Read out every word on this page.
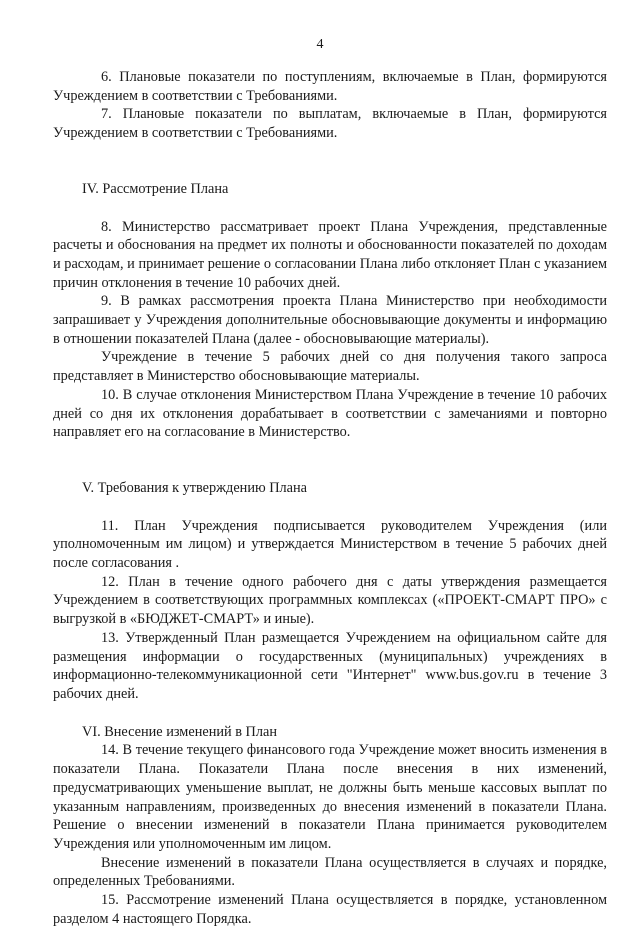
4

6. Плановые показатели по поступлениям, включаемые в План, формируются Учреждением в соответствии с Требованиями.

7. Плановые показатели по выплатам, включаемые в План, формируются Учреждением в соответствии с Требованиями.

IV. Рассмотрение Плана

8. Министерство рассматривает проект Плана Учреждения, представленные расчеты и обоснования на предмет их полноты и обоснованности показателей по доходам и расходам, и принимает решение о согласовании Плана либо отклоняет План с указанием причин отклонения в течение 10 рабочих дней.

9. В рамках рассмотрения проекта Плана Министерство при необходимости запрашивает у Учреждения дополнительные обосновывающие документы и информацию в отношении показателей Плана (далее - обосновывающие материалы).

Учреждение в течение 5 рабочих дней со дня получения такого запроса представляет в Министерство обосновывающие материалы.

10. В случае отклонения Министерством Плана Учреждение в течение 10 рабочих дней со дня их отклонения дорабатывает в соответствии с замечаниями и повторно направляет его на согласование в Министерство.

V. Требования к утверждению Плана

11. План Учреждения подписывается руководителем Учреждения (или уполномоченным им лицом) и утверждается Министерством в течение 5 рабочих дней после согласования .

12. План в течение одного рабочего дня с даты утверждения размещается Учреждением в соответствующих программных комплексах («ПРОЕКТ-СМАРТ ПРО» с выгрузкой в «БЮДЖЕТ-СМАРТ» и иные).

13. Утвержденный План размещается Учреждением на официальном сайте для размещения информации о государственных (муниципальных) учреждениях в информационно-телекоммуникационной сети "Интернет" www.bus.gov.ru в течение 3 рабочих дней.

VI. Внесение изменений в План

14. В течение текущего финансового года Учреждение может вносить изменения в показатели Плана. Показатели Плана после внесения в них изменений, предусматривающих уменьшение выплат, не должны быть меньше кассовых выплат по указанным направлениям, произведенных до внесения изменений в показатели Плана. Решение о внесении изменений в показатели Плана принимается руководителем Учреждения или уполномоченным им лицом.

Внесение изменений в показатели Плана осуществляется в случаях и порядке, определенных Требованиями.

15. Рассмотрение изменений Плана осуществляется в порядке, установленном разделом 4 настоящего Порядка.
